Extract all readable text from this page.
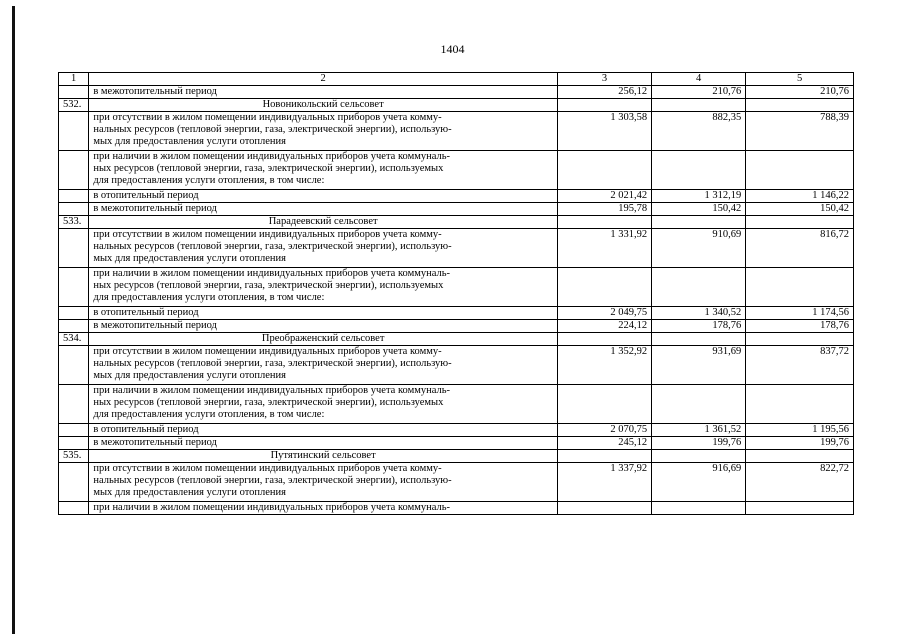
1404
1	2	3	4	5
	в межотопительный период	256,12	210,76	210,76
532.	Новоникольский сельсовет			
	при отсутствии в жилом помещении индивидуальных приборов учета комму-
нальных ресурсов (тепловой энергии, газа, электрической энергии), использую-
мых для предоставления услуги отопления	1 303,58	882,35	788,39
	при наличии в жилом помещении индивидуальных приборов учета коммуналь-
ных ресурсов (тепловой энергии, газа, электрической энергии), используемых
для предоставления услуги отопления, в том числе:			
	в отопительный период	2 021,42	1 312,19	1 146,22
	в межотопительный период	195,78	150,42	150,42
533.	Парадеевский сельсовет			
	при отсутствии в жилом помещении индивидуальных приборов учета комму-
нальных ресурсов (тепловой энергии, газа, электрической энергии), использую-
мых для предоставления услуги отопления	1 331,92	910,69	816,72
	при наличии в жилом помещении индивидуальных приборов учета коммуналь-
ных ресурсов (тепловой энергии, газа, электрической энергии), используемых
для предоставления услуги отопления, в том числе:			
	в отопительный период	2 049,75	1 340,52	1 174,56
	в межотопительный период	224,12	178,76	178,76
534.	Преображенский сельсовет			
	при отсутствии в жилом помещении индивидуальных приборов учета комму-
нальных ресурсов (тепловой энергии, газа, электрической энергии), использую-
мых для предоставления услуги отопления	1 352,92	931,69	837,72
	при наличии в жилом помещении индивидуальных приборов учета коммуналь-
ных ресурсов (тепловой энергии, газа, электрической энергии), используемых
для предоставления услуги отопления, в том числе:			
	в отопительный период	2 070,75	1 361,52	1 195,56
	в межотопительный период	245,12	199,76	199,76
535.	Путятинский сельсовет			
	при отсутствии в жилом помещении индивидуальных приборов учета комму-
нальных ресурсов (тепловой энергии, газа, электрической энергии), использую-
мых для предоставления услуги отопления	1 337,92	916,69	822,72
	при наличии в жилом помещении индивидуальных приборов учета коммуналь-			
